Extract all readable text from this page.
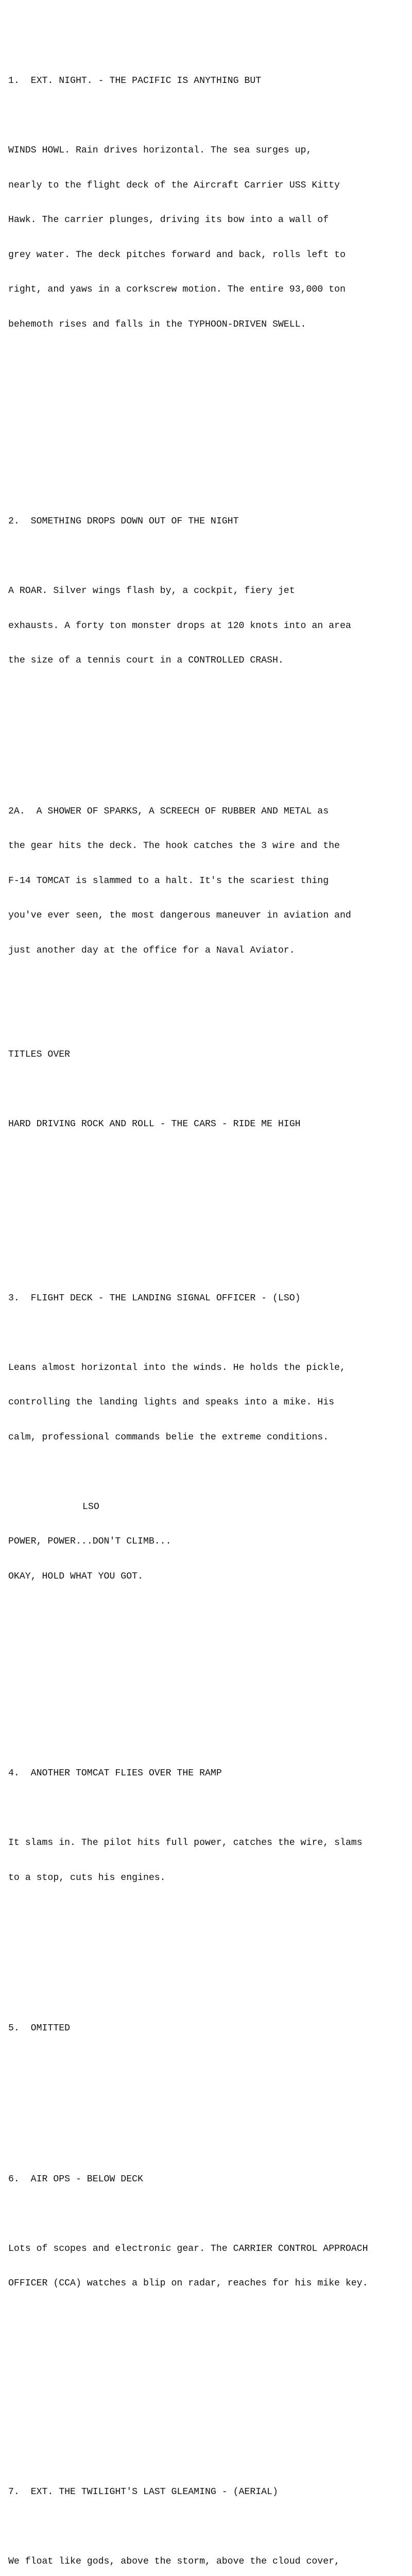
1.  EXT. NIGHT. - THE PACIFIC IS ANYTHING BUT

WINDS HOWL. Rain drives horizontal. The sea surges up,

nearly to the flight deck of the Aircraft Carrier USS Kitty

Hawk. The carrier plunges, driving its bow into a wall of

grey water. The deck pitches forward and back, rolls left to

right, and yaws in a corkscrew motion. The entire 93,000 ton

behemoth rises and falls in the TYPHOON-DRIVEN SWELL.

2.  SOMETHING DROPS DOWN OUT OF THE NIGHT

A ROAR. Silver wings flash by, a cockpit, fiery jet

exhausts. A forty ton monster drops at 120 knots into an area

the size of a tennis court in a CONTROLLED CRASH.

2A.  A SHOWER OF SPARKS, A SCREECH OF RUBBER AND METAL as

the gear hits the deck. The hook catches the 3 wire and the

F-14 TOMCAT is slammed to a halt. It's the scariest thing

you've ever seen, the most dangerous maneuver in aviation and

just another day at the office for a Naval Aviator.

TITLES OVER

HARD DRIVING ROCK AND ROLL - THE CARS - RIDE ME HIGH

3.  FLIGHT DECK - THE LANDING SIGNAL OFFICER - (LSO)

Leans almost horizontal into the winds. He holds the pickle,

controlling the landing lights and speaks into a mike. His

calm, professional commands belie the extreme conditions.

LSO

POWER, POWER...DON'T CLIMB...

OKAY, HOLD WHAT YOU GOT.

4.  ANOTHER TOMCAT FLIES OVER THE RAMP

It slams in. The pilot hits full power, catches the wire, slams

to a stop, cuts his engines.

5.  OMITTED

6.  AIR OPS - BELOW DECK

Lots of scopes and electronic gear. The CARRIER CONTROL APPROACH

OFFICER (CCA) watches a blip on radar, reaches for his mike key.

7.  EXT. THE TWILIGHT'S LAST GLEAMING - (AERIAL)

We float like gods, above the storm, above the cloud cover,
